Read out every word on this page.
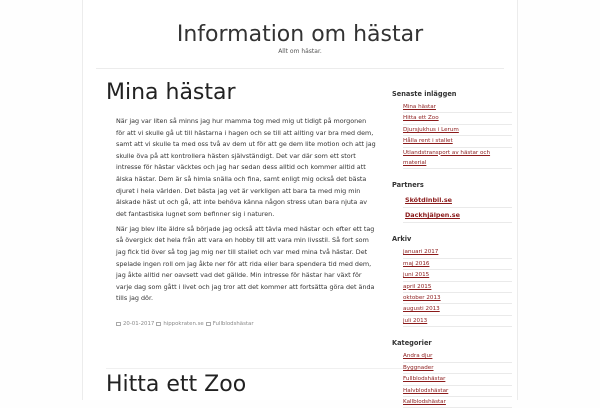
Information om hästar
Allt om hästar.
Mina hästar

När jag var liten så minns jag hur mamma tog med mig ut tidigt på morgonen för att vi skulle gå ut till hästarna i hagen och se till att allting var bra med dem, samt att vi skulle ta med oss två av dem ut för att ge dem lite motion och att jag skulle öva på att kontrollera hästen självständigt. Det var där som ett stort intresse för hästar väcktes och jag har sedan dess alltid och kommer alltid att älska hästar. Dem är så himla snälla och fina, samt enligt mig också det bästa djuret i hela världen. Det bästa jag vet är verkligen att bara ta med mig min älskade häst ut och gå, att inte behöva känna någon stress utan bara njuta av det fantastiska lugnet som befinner sig i naturen.

När jag blev lite äldre så började jag också att tävla med hästar och efter ett tag så övergick det hela från att vara en hobby till att vara min livsstil. Så fort som jag fick tid över så tog jag mig ner till stallet och var med mina två hästar. Det spelade ingen roll om jag åkte ner för att rida eller bara spendera tid med dem, jag åkte alltid ner oavsett vad det gällde. Min intresse för hästar har växt för varje dag som gått i livet och jag tror att det kommer att fortsätta göra det ända tills jag dör.

20-01-2017 hippokraten.se Fullblodshästar
Hitta ett Zoo
Senaste inläggen
Mina hästar
Hitta ett Zoo
Djursjukhus i Lerum
Hålla rent i stallet
Utlandstransport av hästar och material
Partners
Skötdinbil.se
Dackhjälpen.se
Arkiv
januari 2017
maj 2016
juni 2015
april 2015
oktober 2013
augusti 2013
juli 2013
Kategorier
Andra djur
Byggnader
Fullblodshästar
Halvblodshästar
Kallblodshästar
